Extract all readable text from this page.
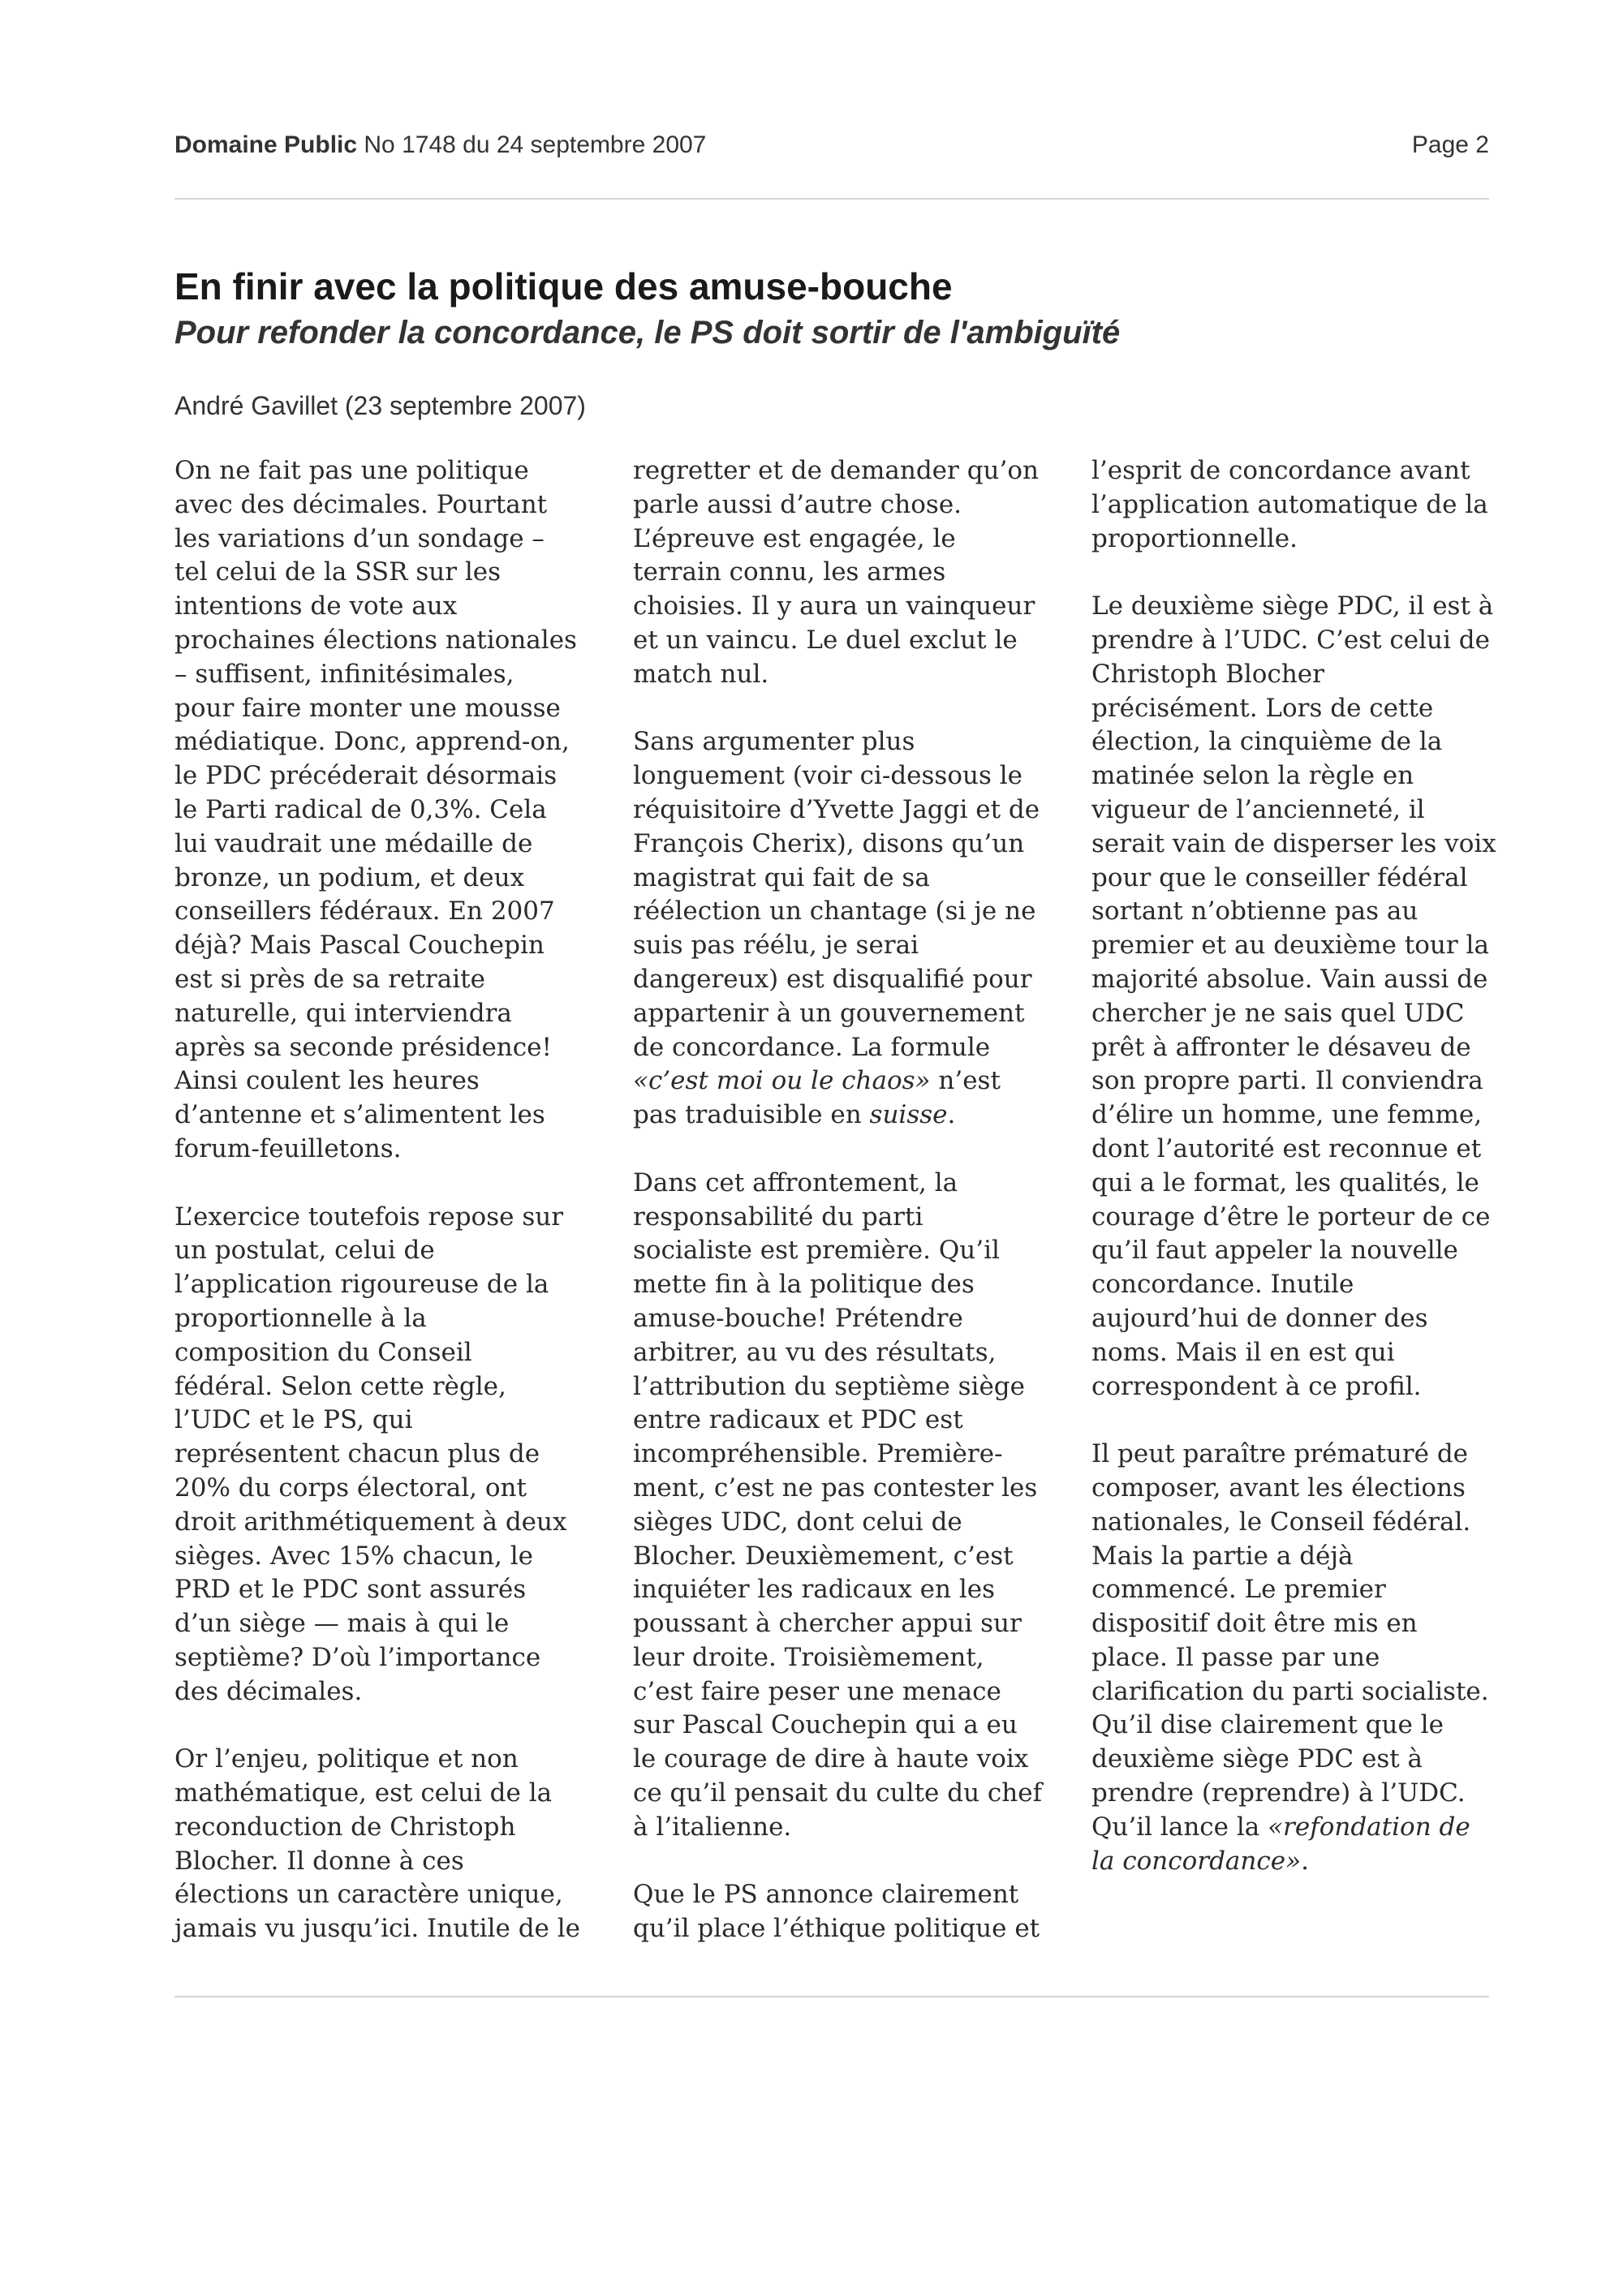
Domaine Public No 1748 du 24 septembre 2007	Page 2
En finir avec la politique des amuse-bouche
Pour refonder la concordance, le PS doit sortir de l'ambiguïté
André Gavillet (23 septembre 2007)

On ne fait pas une politique
avec des décimales. Pourtant
les variations d’un sondage –
tel celui de la SSR sur les
intentions de vote aux
prochaines élections nationales
– suffisent, infinitésimales,
pour faire monter une mousse
médiatique. Donc, apprend-on,
le PDC précéderait désormais
le Parti radical de 0,3%. Cela
lui vaudrait une médaille de
bronze, un podium, et deux
conseillers fédéraux. En 2007
déjà? Mais Pascal Couchepin
est si près de sa retraite
naturelle, qui interviendra
après sa seconde présidence!
Ainsi coulent les heures
d’antenne et s’alimentent les
forum-feuilletons.

L’exercice toutefois repose sur
un postulat, celui de
l’application rigoureuse de la
proportionnelle à la
composition du Conseil
fédéral. Selon cette règle,
l’UDC et le PS, qui
représentent chacun plus de
20% du corps électoral, ont
droit arithmétiquement à deux
sièges. Avec 15% chacun, le
PRD et le PDC sont assurés
d’un siège — mais à qui le
septième? D’où l’importance
des décimales.

Or l’enjeu, politique et non
mathématique, est celui de la
reconduction de Christoph
Blocher. Il donne à ces
élections un caractère unique,
jamais vu jusqu’ici. Inutile de le

regretter et de demander qu’on
parle aussi d’autre chose.
L’épreuve est engagée, le
terrain connu, les armes
choisies. Il y aura un vainqueur
et un vaincu. Le duel exclut le
match nul.

Sans argumenter plus
longuement (voir ci-dessous le
réquisitoire d’Yvette Jaggi et de
François Cherix), disons qu’un
magistrat qui fait de sa
réélection un chantage (si je ne
suis pas réélu, je serai
dangereux) est disqualifié pour
appartenir à un gouvernement
de concordance. La formule
«c’est moi ou le chaos» n’est
pas traduisible en suisse.

Dans cet affrontement, la
responsabilité du parti
socialiste est première. Qu’il
mette fin à la politique des
amuse-bouche! Prétendre
arbitrer, au vu des résultats,
l’attribution du septième siège
entre radicaux et PDC est
incompréhensible. Premièrе-
ment, c’est ne pas contester les
sièges UDC, dont celui de
Blocher. Deuxièmement, c’est
inquiéter les radicaux en les
poussant à chercher appui sur
leur droite. Troisièmement,
c’est faire peser une menace
sur Pascal Couchepin qui a eu
le courage de dire à haute voix
ce qu’il pensait du culte du chef
à l’italienne.

Que le PS annonce clairement
qu’il place l’éthique politique et

l’esprit de concordance avant
l’application automatique de la
proportionnelle.

Le deuxième siège PDC, il est à
prendre à l’UDC. C’est celui de
Christoph Blocher
précisément. Lors de cette
élection, la cinquième de la
matinée selon la règle en
vigueur de l’ancienneté, il
serait vain de disperser les voix
pour que le conseiller fédéral
sortant n’obtienne pas au
premier et au deuxième tour la
majorité absolue. Vain aussi de
chercher je ne sais quel UDC
prêt à affronter le désaveu de
son propre parti. Il conviendra
d’élire un homme, une femme,
dont l’autorité est reconnue et
qui a le format, les qualités, le
courage d’être le porteur de ce
qu’il faut appeler la nouvelle
concordance. Inutile
aujourd’hui de donner des
noms. Mais il en est qui
correspondent à ce profil.

Il peut paraître prématuré de
composer, avant les élections
nationales, le Conseil fédéral.
Mais la partie a déjà
commencé. Le premier
dispositif doit être mis en
place. Il passe par une
clarification du parti socialiste.
Qu’il dise clairement que le
deuxième siège PDC est à
prendre (reprendre) à l’UDC.
Qu’il lance la «refondation de
la concordance».
